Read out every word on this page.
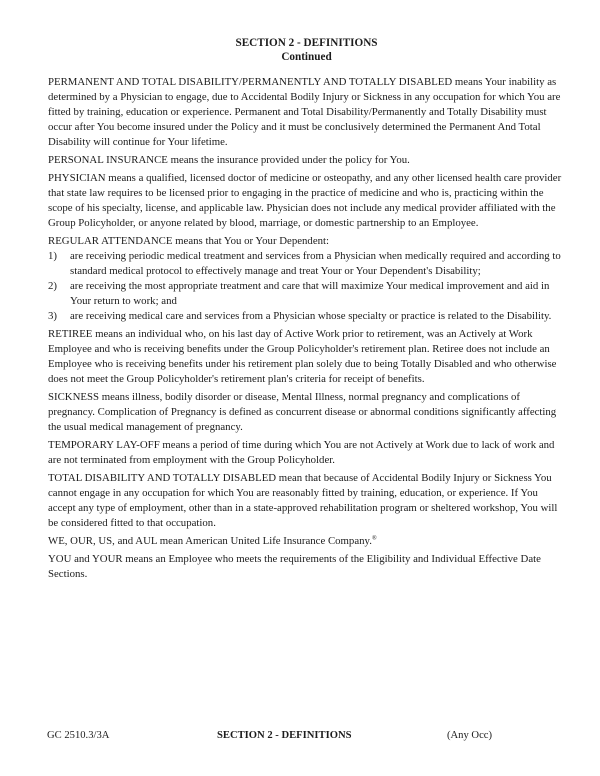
SECTION 2 - DEFINITIONS
Continued

PERMANENT AND TOTAL DISABILITY/PERMANENTLY AND TOTALLY DISABLED means Your inability as determined by a Physician to engage, due to Accidental Bodily Injury or Sickness in any occupation for which You are fitted by training, education or experience. Permanent and Total Disability/Permanently and Totally Disability must occur after You become insured under the Policy and it must be conclusively determined the Permanent And Total Disability will continue for Your lifetime.

PERSONAL INSURANCE means the insurance provided under the policy for You.

PHYSICIAN means a qualified, licensed doctor of medicine or osteopathy, and any other licensed health care provider that state law requires to be licensed prior to engaging in the practice of medicine and who is, practicing within the scope of his specialty, license, and applicable law. Physician does not include any medical provider affiliated with the Group Policyholder, or anyone related by blood, marriage, or domestic partnership to an Employee.

REGULAR ATTENDANCE means that You or Your Dependent:

1)	are receiving periodic medical treatment and services from a Physician when medically required and according to standard medical protocol to effectively manage and treat Your or Your Dependent's Disability;
2)	are receiving the most appropriate treatment and care that will maximize Your medical improvement and aid in Your return to work; and
3)	are receiving medical care and services from a Physician whose specialty or practice is related to the Disability.

RETIREE means an individual who, on his last day of Active Work prior to retirement, was an Actively at Work Employee and who is receiving benefits under the Group Policyholder's retirement plan. Retiree does not include an Employee who is receiving benefits under his retirement plan solely due to being Totally Disabled and who otherwise does not meet the Group Policyholder's retirement plan's criteria for receipt of benefits.

SICKNESS means illness, bodily disorder or disease, Mental Illness, normal pregnancy and complications of pregnancy. Complication of Pregnancy is defined as concurrent disease or abnormal conditions significantly affecting the usual medical management of pregnancy.

TEMPORARY LAY-OFF means a period of time during which You are not Actively at Work due to lack of work and are not terminated from employment with the Group Policyholder.

TOTAL DISABILITY AND TOTALLY DISABLED mean that because of Accidental Bodily Injury or Sickness You cannot engage in any occupation for which You are reasonably fitted by training, education, or experience. If You accept any type of employment, other than in a state-approved rehabilitation program or sheltered workshop, You will be considered fitted to that occupation.

WE, OUR, US, and AUL mean American United Life Insurance Company.®

YOU and YOUR means an Employee who meets the requirements of the Eligibility and Individual Effective Date Sections.

GC 2510.3/3A	SECTION 2 - DEFINITIONS	(Any Occ)
